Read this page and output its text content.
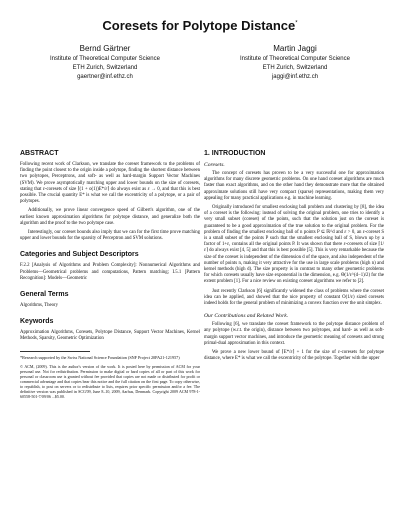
Coresets for Polytope Distance*
Bernd Gärtner
Institute of Theoretical Computer Science
ETH Zurich, Switzerland
gaertner@inf.ethz.ch
Martin Jaggi
Institute of Theoretical Computer Science
ETH Zurich, Switzerland
jaggi@inf.ethz.ch
ABSTRACT

Following recent work of Clarkson, we translate the coreset framework to the problems of finding the point closest to the origin inside a polytope, finding the shortest distance between two polytopes, Perceptrons, and soft- as well as hard-margin Support Vector Machines (SVM). We prove asymptotically matching upper and lower bounds on the size of coresets, stating that ε-coresets of size ⌈(1 + o(1))E*/ε⌉ do always exist as ε → 0, and that this is best possible. The crucial quantity E* is what we call the excentricity of a polytope, or a pair of polytopes.

Additionally, we prove linear convergence speed of Gilbert's algorithm, one of the earliest known approximation algorithms for polytope distance, and generalize both the algorithm and the proof to the two polytope case.

Interestingly, our coreset bounds also imply that we can for the first time prove matching upper and lower bounds for the sparsity of Perceptron and SVM solutions.

Categories and Subject Descriptors

F.2.2 [Analysis of Algorithms and Problem Complexity]: Nonnumerical Algorithms and Problems—Geometrical problems and computations, Pattern matching; I.5.1 [Pattern Recognition]: Models—Geometric

General Terms

Algorithms, Theory

Keywords

Approximation Algorithms, Coresets, Polytope Distance, Support Vector Machines, Kernel Methods, Sparsity, Geometric Optimization

*Research supported by the Swiss National Science Foundation (SNF Project 20PA21-121957)

© ACM, (2009). This is the author's version of the work. It is posted here by permission of ACM for your personal use. Not for redistribution. Permission to make digital or hard copies of all or part of this work for personal or classroom use is granted without fee provided that copies are not made or distributed for profit or commercial advantage and that copies bear this notice and the full citation on the first page. To copy otherwise, to republish, to post on servers or to redistribute to lists, requires prior specific permission and/or a fee. The definitive version was published in SCG'09, June 8–10, 2009, Aarhus, Denmark. Copyright 2009 ACM 978-1-60558-501-7/09/06 ...$5.00.

1. INTRODUCTION
Coresets.

The concept of coresets has proven to be a very successful one for approximation algorithms for many discrete geometric problems. On one hand coreset algorithms are much faster than exact algorithms, and on the other hand they demonstrate more that the obtained approximate solutions still have very compact (sparse) representations, making them very appealing for many practical applications e.g. in machine learning.

Originally introduced for smallest enclosing ball problem and clustering by [8], the idea of a coreset is the following: instead of solving the original problem, one tries to identify a very small subset (coreset) of the points, such that the solution just on the coreset is guaranteed to be a good approximation of the true solution to the original problem. For the problem of finding the smallest enclosing ball of n points P ⊆ ℝ^d and ε > 0, an ε-coreset S is a small subset of the points P such that the smallest enclosing ball of S, blown up by a factor of 1+ε, contains all the original points P. It was shown that there ε-coresets of size ⌈1/ε⌉ do always exist [4, 5] and that this is best possible [5]. This is very remarkable because the size of the coreset is independent of the dimension d of the space, and also independent of the number of points n, making it very attractive for the use in large scale problems (high n) and kernel methods (high d). The size property is in contrast to many other geometric problems for which coresets usually have size exponential in the dimension, e.g. Θ(1/ε^(d−1)/2) for the extent problem [1]. For a nice review on existing coreset algorithms we refer to [2].

Just recently Clarkson [6] significantly widened the class of problems where the coreset idea can be applied, and showed that the nice property of constant O(1/ε) sized coresets indeed holds for the general problem of minimizing a convex function over the unit simplex.

Our Contributions and Related Work.

Following [6], we translate the coreset framework to the polytope distance problem of any polytope (w.r.t. the origin), distance between two polytopes, and hard- as well as soft-margin support vector machines, and introduce the geometric meaning of coresets and strong primal-dual approximation in this context.

We prove a new lower bound of ⌈E*/ε⌉ + 1 for the size of ε-coresets for polytope distance, where E* is what we call the excentricity of the polytope. Together with the upper
